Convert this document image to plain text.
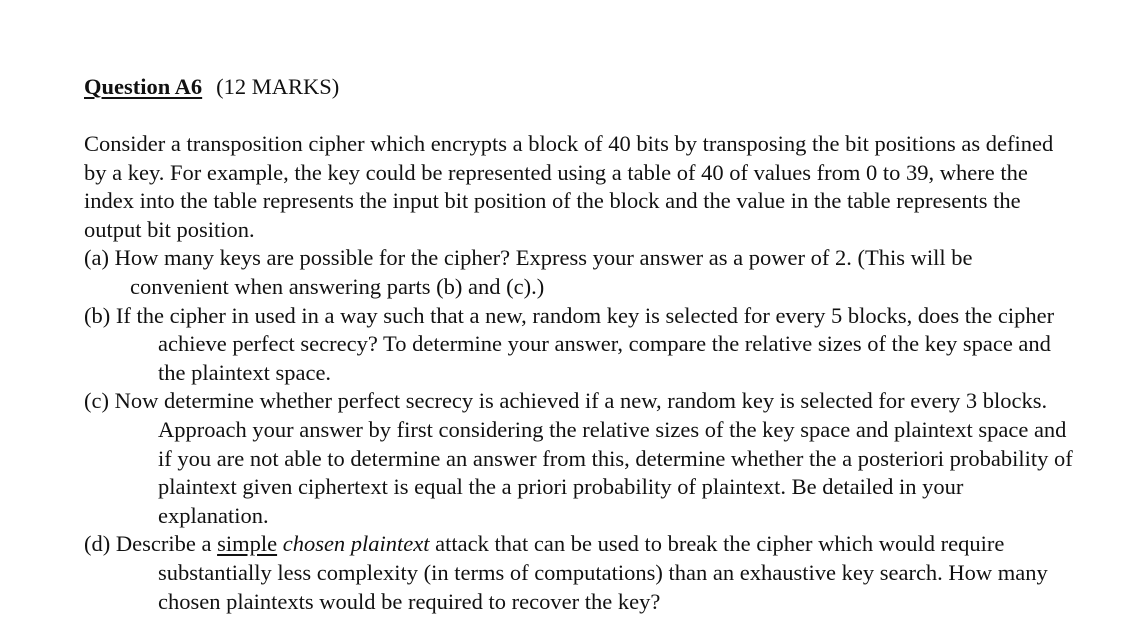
Question A6 (12 MARKS)

Consider a transposition cipher which encrypts a block of 40 bits by transposing the bit positions as defined by a key. For example, the key could be represented using a table of 40 of values from 0 to 39, where the index into the table represents the input bit position of the block and the value in the table represents the output bit position.

(a) How many keys are possible for the cipher? Express your answer as a power of 2. (This will be convenient when answering parts (b) and (c).)

(b) If the cipher in used in a way such that a new, random key is selected for every 5 blocks, does the cipher achieve perfect secrecy? To determine your answer, compare the relative sizes of the key space and the plaintext space.

(c) Now determine whether perfect secrecy is achieved if a new, random key is selected for every 3 blocks. Approach your answer by first considering the relative sizes of the key space and plaintext space and if you are not able to determine an answer from this, determine whether the a posteriori probability of plaintext given ciphertext is equal the a priori probability of plaintext. Be detailed in your explanation.

(d) Describe a simple chosen plaintext attack that can be used to break the cipher which would require substantially less complexity (in terms of computations) than an exhaustive key search. How many chosen plaintexts would be required to recover the key?
